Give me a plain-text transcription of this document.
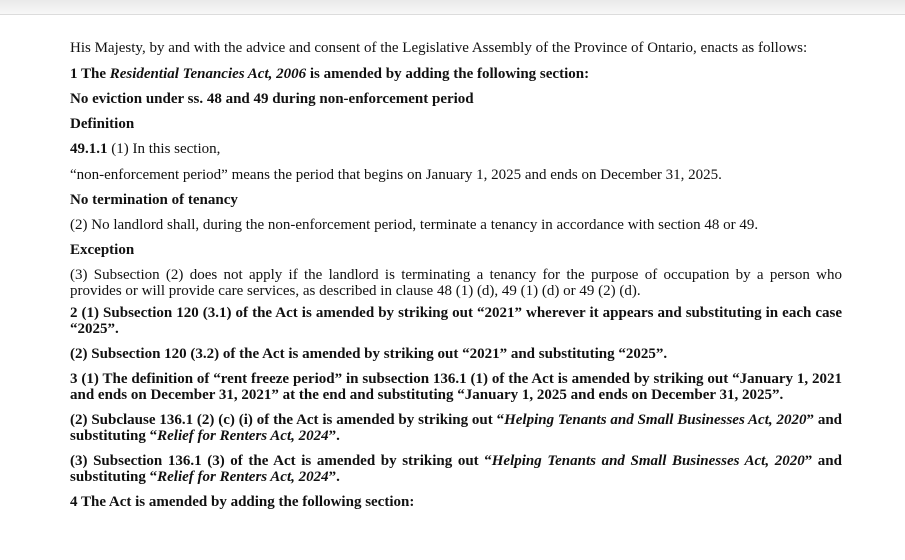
His Majesty, by and with the advice and consent of the Legislative Assembly of the Province of Ontario, enacts as follows:

1 The Residential Tenancies Act, 2006 is amended by adding the following section:

No eviction under ss. 48 and 49 during non-enforcement period

Definition

49.1.1 (1) In this section,

“non-enforcement period” means the period that begins on January 1, 2025 and ends on December 31, 2025.

No termination of tenancy

(2) No landlord shall, during the non-enforcement period, terminate a tenancy in accordance with section 48 or 49.

Exception

(3) Subsection (2) does not apply if the landlord is terminating a tenancy for the purpose of occupation by a person who provides or will provide care services, as described in clause 48 (1) (d), 49 (1) (d) or 49 (2) (d).

2 (1) Subsection 120 (3.1) of the Act is amended by striking out “2021” wherever it appears and substituting in each case “2025”.

(2) Subsection 120 (3.2) of the Act is amended by striking out “2021” and substituting “2025”.

3 (1) The definition of “rent freeze period” in subsection 136.1 (1) of the Act is amended by striking out “January 1, 2021 and ends on December 31, 2021” at the end and substituting “January 1, 2025 and ends on December 31, 2025”.

(2) Subclause 136.1 (2) (c) (i) of the Act is amended by striking out “Helping Tenants and Small Businesses Act, 2020” and substituting “Relief for Renters Act, 2024”.

(3) Subsection 136.1 (3) of the Act is amended by striking out “Helping Tenants and Small Businesses Act, 2020” and substituting “Relief for Renters Act, 2024”.

4 The Act is amended by adding the following section:
